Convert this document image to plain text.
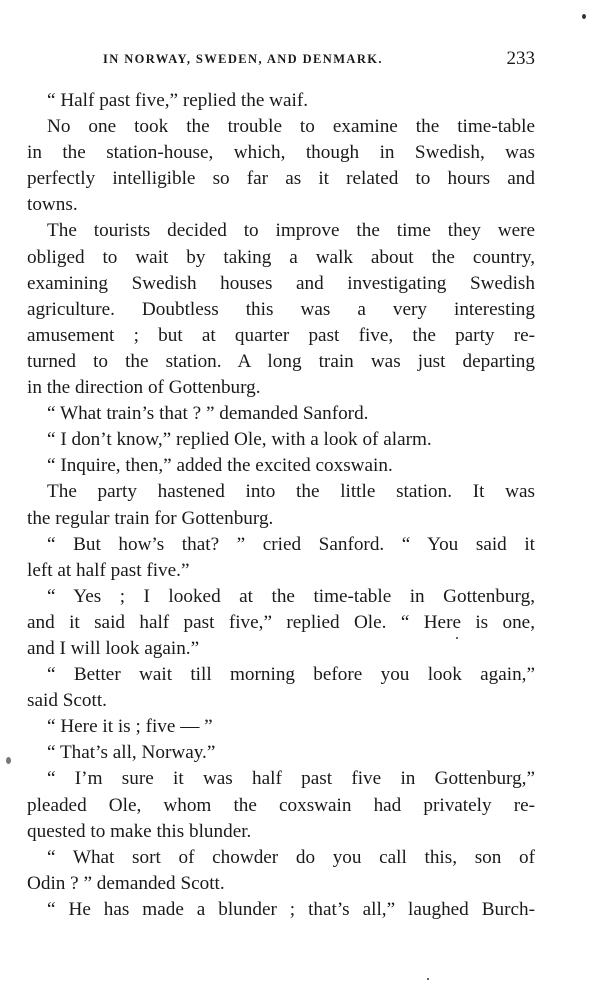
IN NORWAY, SWEDEN, AND DENMARK.	233
“ Half past five,” replied the waif.
No one took the trouble to examine the time-table
in the station-house, which, though in Swedish, was
perfectly intelligible so far as it related to hours and
towns.
The tourists decided to improve the time they were
obliged to wait by taking a walk about the country,
examining Swedish houses and investigating Swedish
agriculture. Doubtless this was a very interesting
amusement ; but at quarter past five, the party re-
turned to the station. A long train was just departing
in the direction of Gottenburg.
“ What train’s that ? ” demanded Sanford.
“ I don’t know,” replied Ole, with a look of alarm.
“ Inquire, then,” added the excited coxswain.
The party hastened into the little station. It was
the regular train for Gottenburg.
“ But how’s that? ” cried Sanford. “ You said it
left at half past five.”
“ Yes ; I looked at the time-table in Gottenburg,
and it said half past five,” replied Ole. “ Here is one,
and I will look again.”
“ Better wait till morning before you look again,”
said Scott.
“ Here it is ; five — ”
“ That’s all, Norway.”
“ I’m sure it was half past five in Gottenburg,”
pleaded Ole, whom the coxswain had privately re-
quested to make this blunder.
“ What sort of chowder do you call this, son of
Odin ? ” demanded Scott.
“ He has made a blunder ; that’s all,” laughed Burch-
